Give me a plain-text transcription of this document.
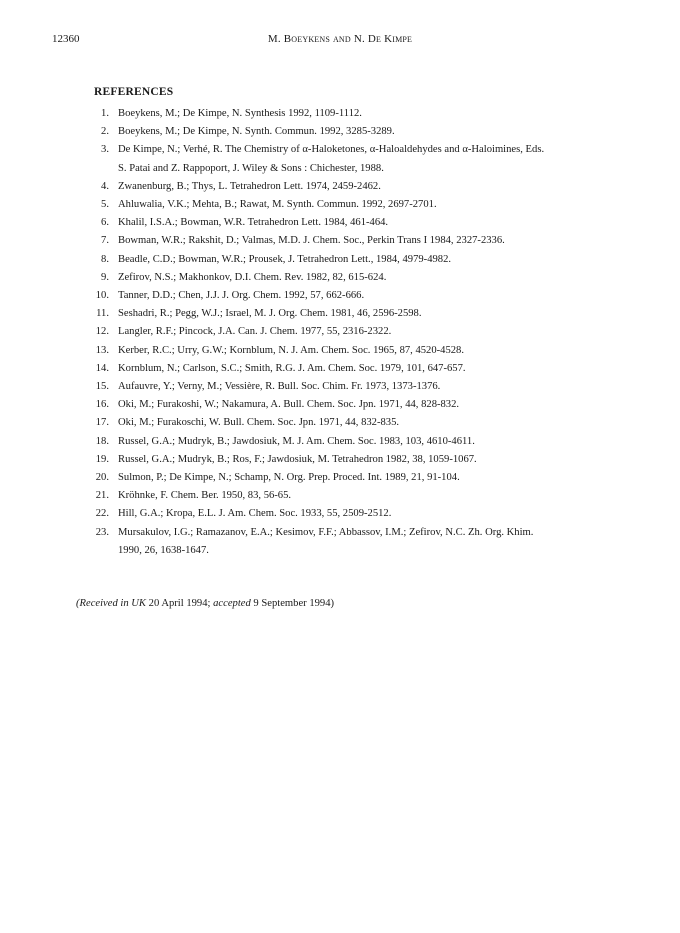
12360	M. Boeykens and N. De Kimpe
REFERENCES
1. Boeykens, M.; De Kimpe, N. Synthesis 1992, 1109-1112.
2. Boeykens, M.; De Kimpe, N. Synth. Commun. 1992, 3285-3289.
3. De Kimpe, N.; Verhé, R. The Chemistry of α-Haloketones, α-Haloaldehydes and α-Haloimines, Eds.
S. Patai and Z. Rappoport, J. Wiley & Sons : Chichester, 1988.
4. Zwanenburg, B.; Thys, L. Tetrahedron Lett. 1974, 2459-2462.
5. Ahluwalia, V.K.; Mehta, B.; Rawat, M. Synth. Commun. 1992, 2697-2701.
6. Khalil, I.S.A.; Bowman, W.R. Tetrahedron Lett. 1984, 461-464.
7. Bowman, W.R.; Rakshit, D.; Valmas, M.D. J. Chem. Soc., Perkin Trans I 1984, 2327-2336.
8. Beadle, C.D.; Bowman, W.R.; Prousek, J. Tetrahedron Lett., 1984, 4979-4982.
9. Zefirov, N.S.; Makhonkov, D.I. Chem. Rev. 1982, 82, 615-624.
10. Tanner, D.D.; Chen, J.J. J. Org. Chem. 1992, 57, 662-666.
11. Seshadri, R.; Pegg, W.J.; Israel, M. J. Org. Chem. 1981, 46, 2596-2598.
12. Langler, R.F.; Pincock, J.A. Can. J. Chem. 1977, 55, 2316-2322.
13. Kerber, R.C.; Urry, G.W.; Kornblum, N. J. Am. Chem. Soc. 1965, 87, 4520-4528.
14. Kornblum, N.; Carlson, S.C.; Smith, R.G. J. Am. Chem. Soc. 1979, 101, 647-657.
15. Aufauvre, Y.; Verny, M.; Vessière, R. Bull. Soc. Chim. Fr. 1973, 1373-1376.
16. Oki, M.; Furakoshi, W.; Nakamura, A. Bull. Chem. Soc. Jpn. 1971, 44, 828-832.
17. Oki, M.; Furakoschi, W. Bull. Chem. Soc. Jpn. 1971, 44, 832-835.
18. Russel, G.A.; Mudryk, B.; Jawdosiuk, M. J. Am. Chem. Soc. 1983, 103, 4610-4611.
19. Russel, G.A.; Mudryk, B.; Ros, F.; Jawdosiuk, M. Tetrahedron 1982, 38, 1059-1067.
20. Sulmon, P.; De Kimpe, N.; Schamp, N. Org. Prep. Proced. Int. 1989, 21, 91-104.
21. Kröhnke, F. Chem. Ber. 1950, 83, 56-65.
22. Hill, G.A.; Kropa, E.L. J. Am. Chem. Soc. 1933, 55, 2509-2512.
23. Mursakulov, I.G.; Ramazanov, E.A.; Kesimov, F.F.; Abbassov, I.M.; Zefirov, N.C. Zh. Org. Khim.
1990, 26, 1638-1647.
(Received in UK 20 April 1994; accepted 9 September 1994)
